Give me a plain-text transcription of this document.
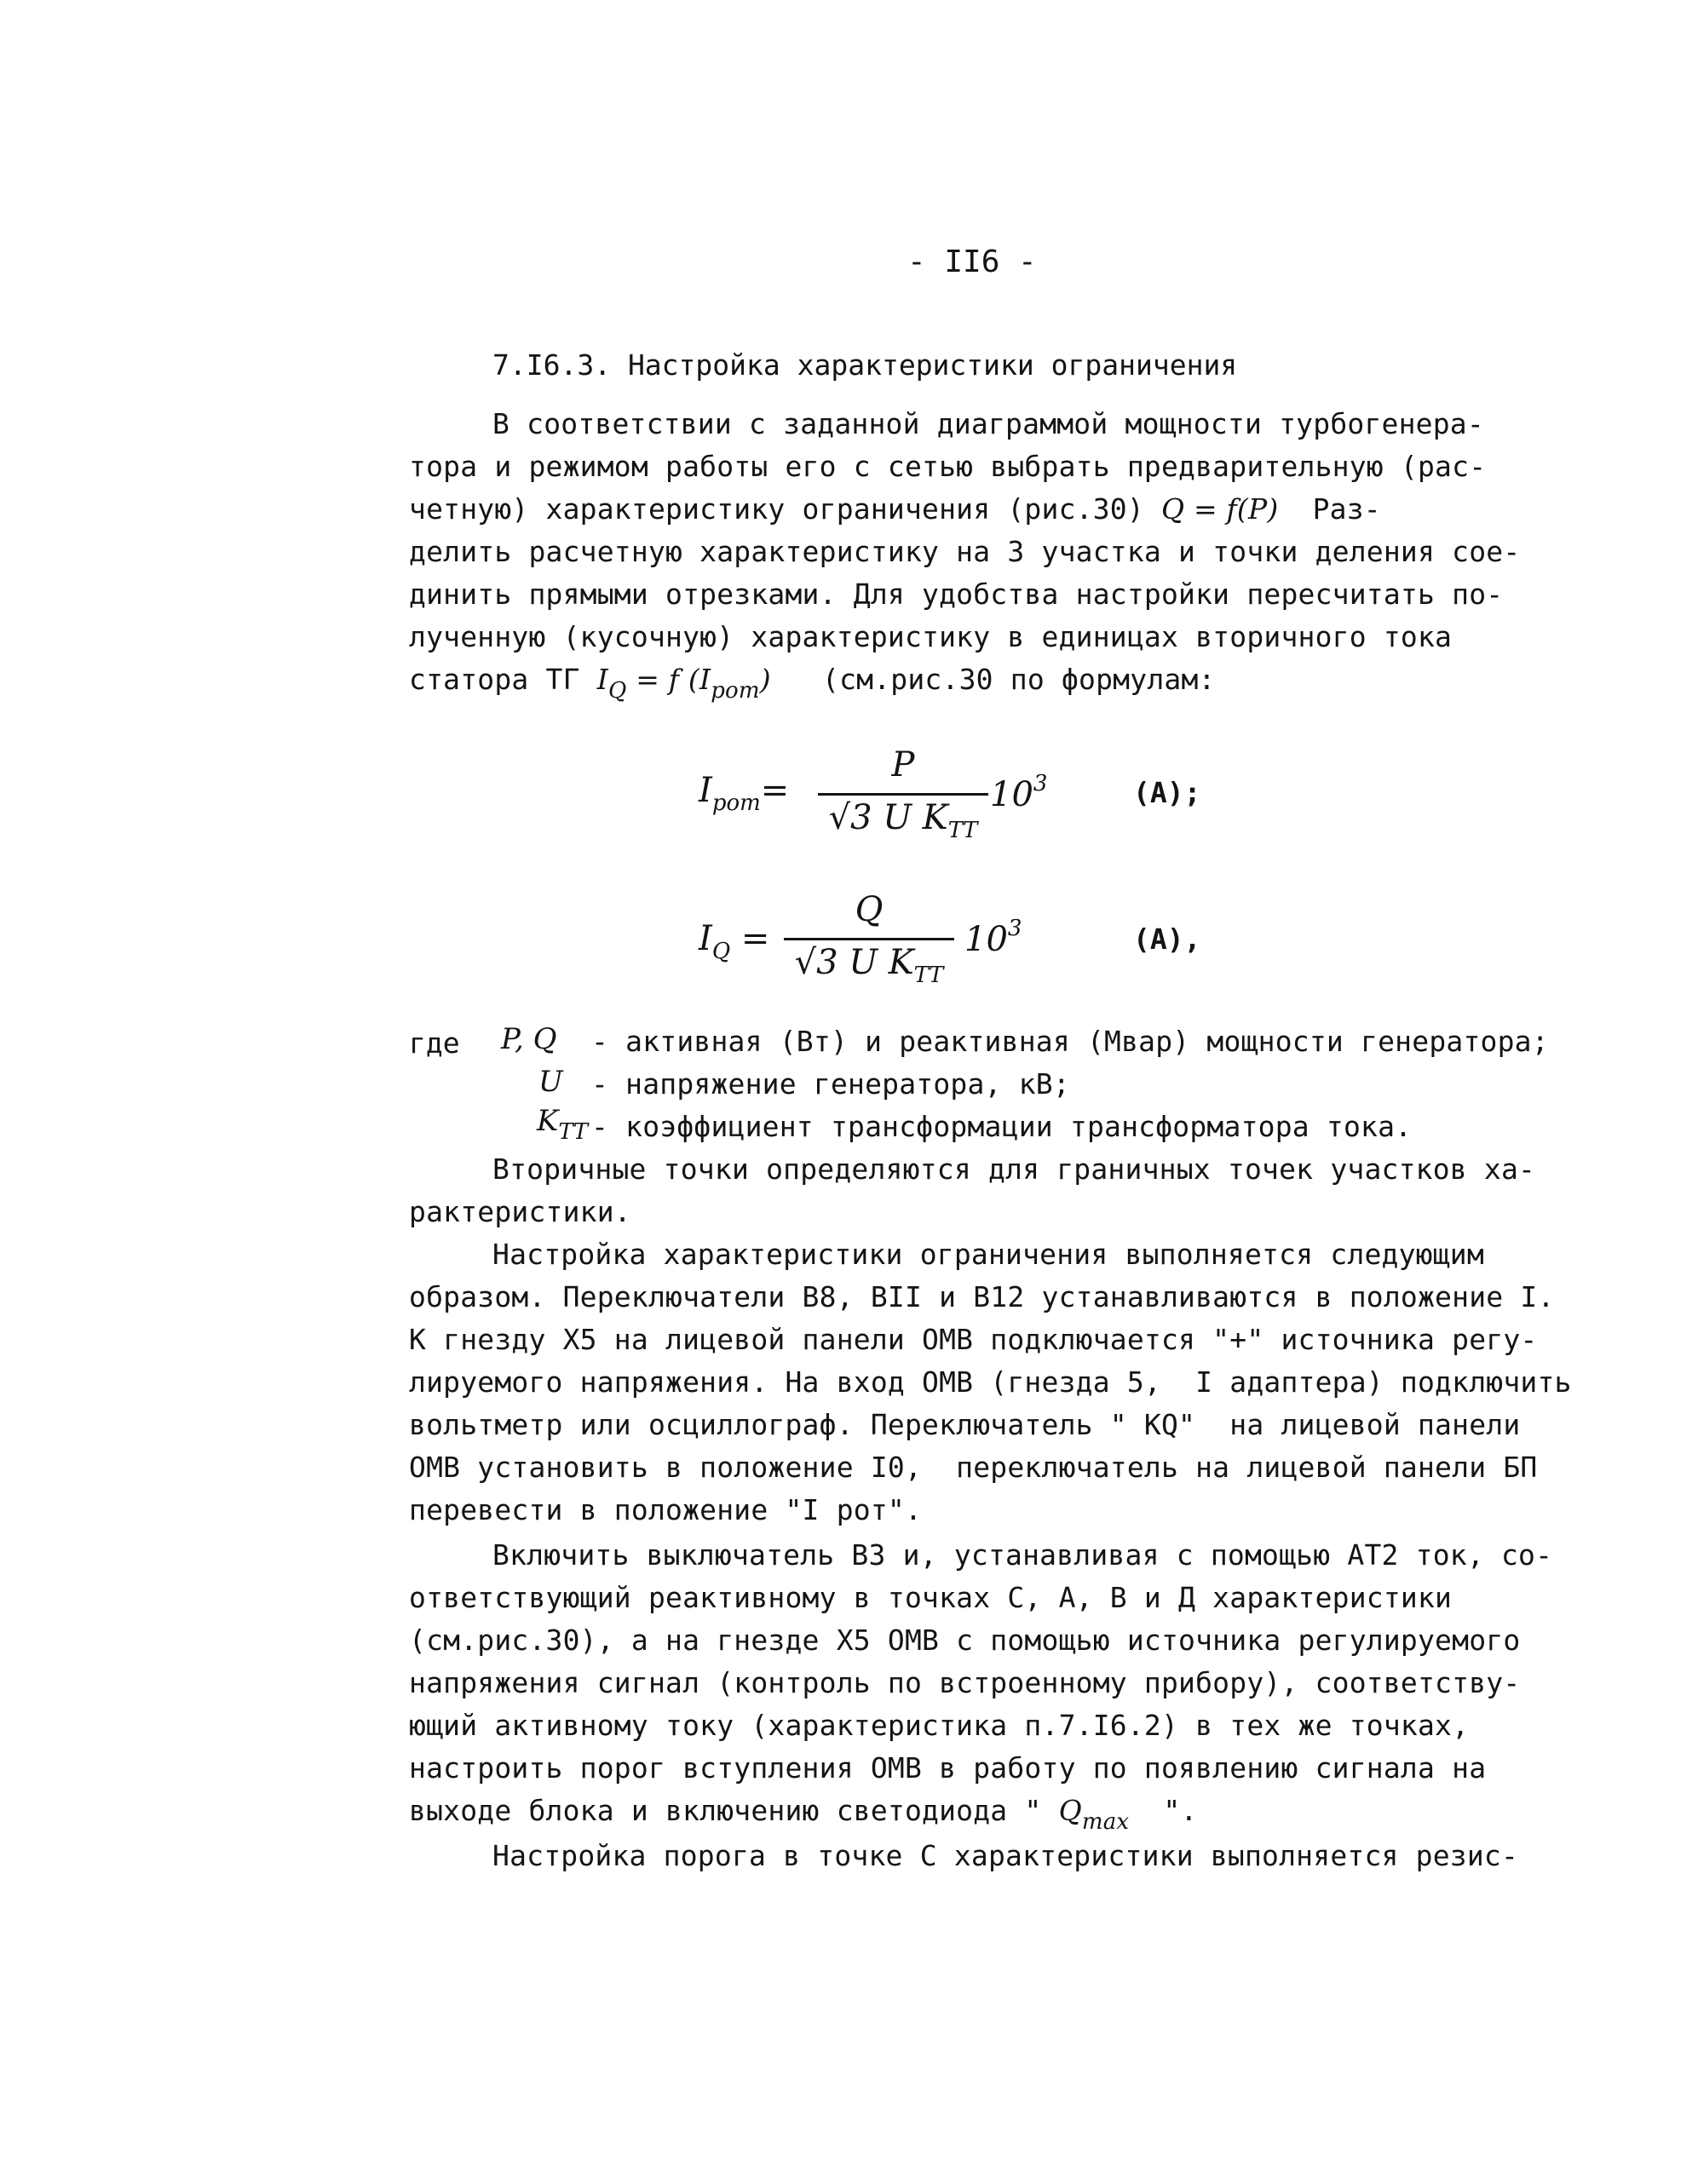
- II6 -
7.I6.3. Настройка характеристики ограничения
В соответствии с заданной диаграммой мощности турбогенера-
тора и режимом работы его с сетью выбрать предварительную (рас-
четную) характеристику ограничения (рис.30) Q = f(P) Раз-
делить расчетную характеристику на 3 участка и точки деления сое-
динить прямыми отрезками. Для удобства настройки пересчитать по-
лученную (кусочную) характеристику в единицах вторичного тока
статора ТГ $I_Q = f$ $(I_{рот})$ (см.рис.30 по формулам:
$I_{рот}=$
P
√3 U $K_{ТТ}$
$10^3$	(А);
$I_Q$ =
Q
√3 U $K_{ТТ}$
$10^3$	(А),
где P, Q - активная (Вт) и реактивная (Мвар) мощности генератора;
U - напряжение генератора, кВ;
$K_{ТТ}$ - коэффициент трансформации трансформатора тока.
Вторичные точки определяются для граничных точек участков ха-
рактеристики.
Настройка характеристики ограничения выполняется следующим
образом. Переключатели В8, ВII и В12 устанавливаются в положение I.
К гнезду Х5 на лицевой панели ОМВ подключается "+" источника регу-
лируемого напряжения. На вход ОМВ (гнезда 5,  I адаптера) подключить
вольтметр или осциллограф. Переключатель " KQ"  на лицевой панели
ОМВ установить в положение I0,  переключатель на лицевой панели БП
перевести в положение "I рот".
Включить выключатель В3 и, устанавливая с помощью АТ2 ток, со-
ответствующий реактивному в точках С, А, В и Д характеристики
(см.рис.30), а на гнезде Х5 ОМВ с помощью источника регулируемого
напряжения сигнал (контроль по встроенному прибору), соответству-
ющий активному току (характеристика п.7.I6.2) в тех же точках,
настроить порог вступления ОМВ в работу по появлению сигнала на
выходе блока и включению светодиода " $Q_{max}$ ".
Настройка порога в точке С характеристики выполняется резис-
